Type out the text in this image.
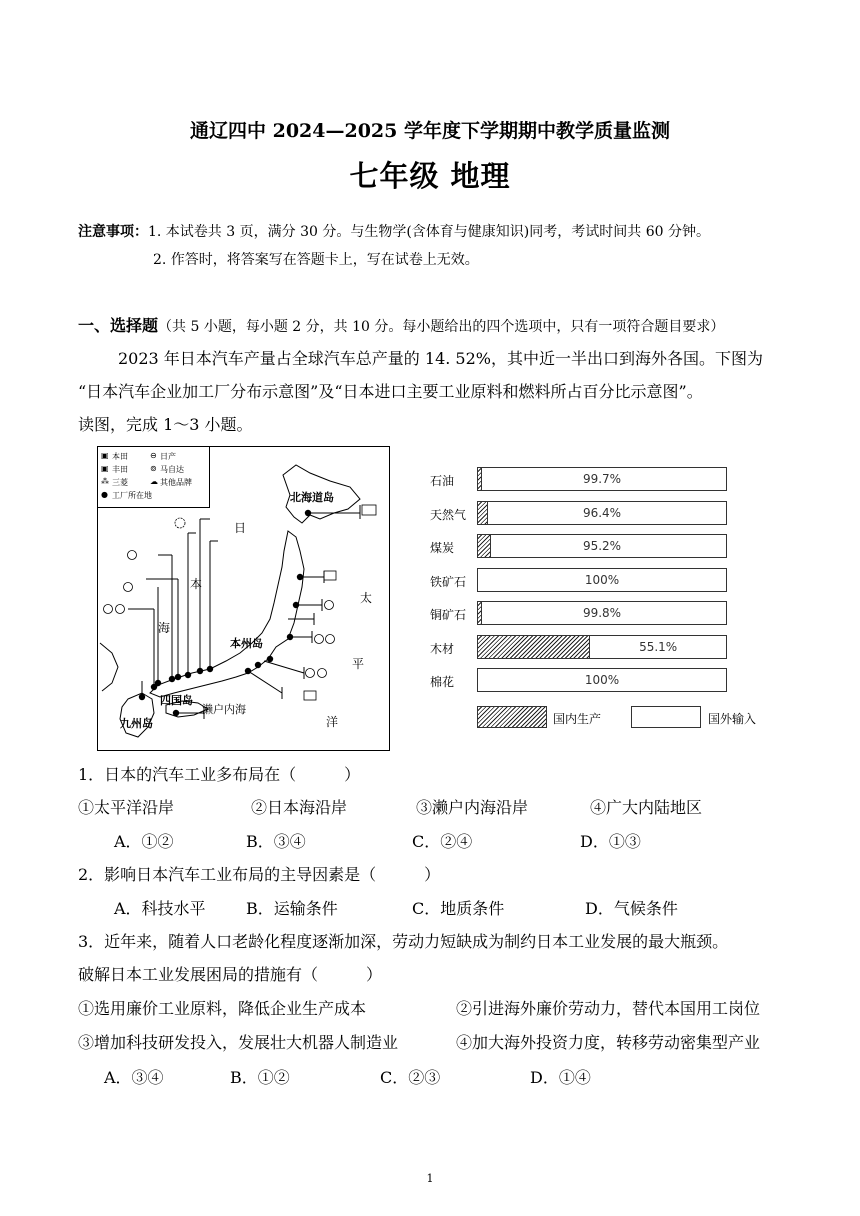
通辽四中 2024—2025 学年度下学期期中教学质量监测
七年级 地理
注意事项：1. 本试卷共 3 页，满分 30 分。与生物学(含体育与健康知识)同考，考试时间共 60 分钟。
2. 作答时，将答案写在答题卡上，写在试卷上无效。
一、选择题（共 5 小题，每小题 2 分，共 10 分。每小题给出的四个选项中，只有一项符合题目要求）
2023 年日本汽车产量占全球汽车总产量的 14. 52%，其中近一半出口到海外各国。下图为
“日本汽车企业加工厂分布示意图”及“日本进口主要工业原料和燃料所占百分比示意图”。
读图，完成 1～3 小题。
本田	日产
丰田	马自达
三菱	其他品牌
工厂所在地
▣	⊖
▣	⊚
⁂	☁
●	北海道岛
本州岛
四国岛
九州岛
濑户内海
日
本
海
太
平
洋
石油	99.7%
天然气	96.4%
煤炭	95.2%
铁矿石	100%
铜矿石	99.8%
木材	55.1%
棉花	100%
国内生产	国外输入
1．日本的汽车工业多布局在（　　　）
①太平洋沿岸	②日本海沿岸	③濑户内海沿岸	④广大内陆地区
A．①②	B．③④	C．②④	D．①③
2．影响日本汽车工业布局的主导因素是（　　　）
A．科技水平	B．运输条件	C．地质条件	D．气候条件
3．近年来，随着人口老龄化程度逐渐加深，劳动力短缺成为制约日本工业发展的最大瓶颈。
破解日本工业发展困局的措施有（　　　）
①选用廉价工业原料，降低企业生产成本	②引进海外廉价劳动力，替代本国用工岗位
③增加科技研发投入，发展壮大机器人制造业	④加大海外投资力度，转移劳动密集型产业
A．③④	B．①②	C．②③	D．①④
1
